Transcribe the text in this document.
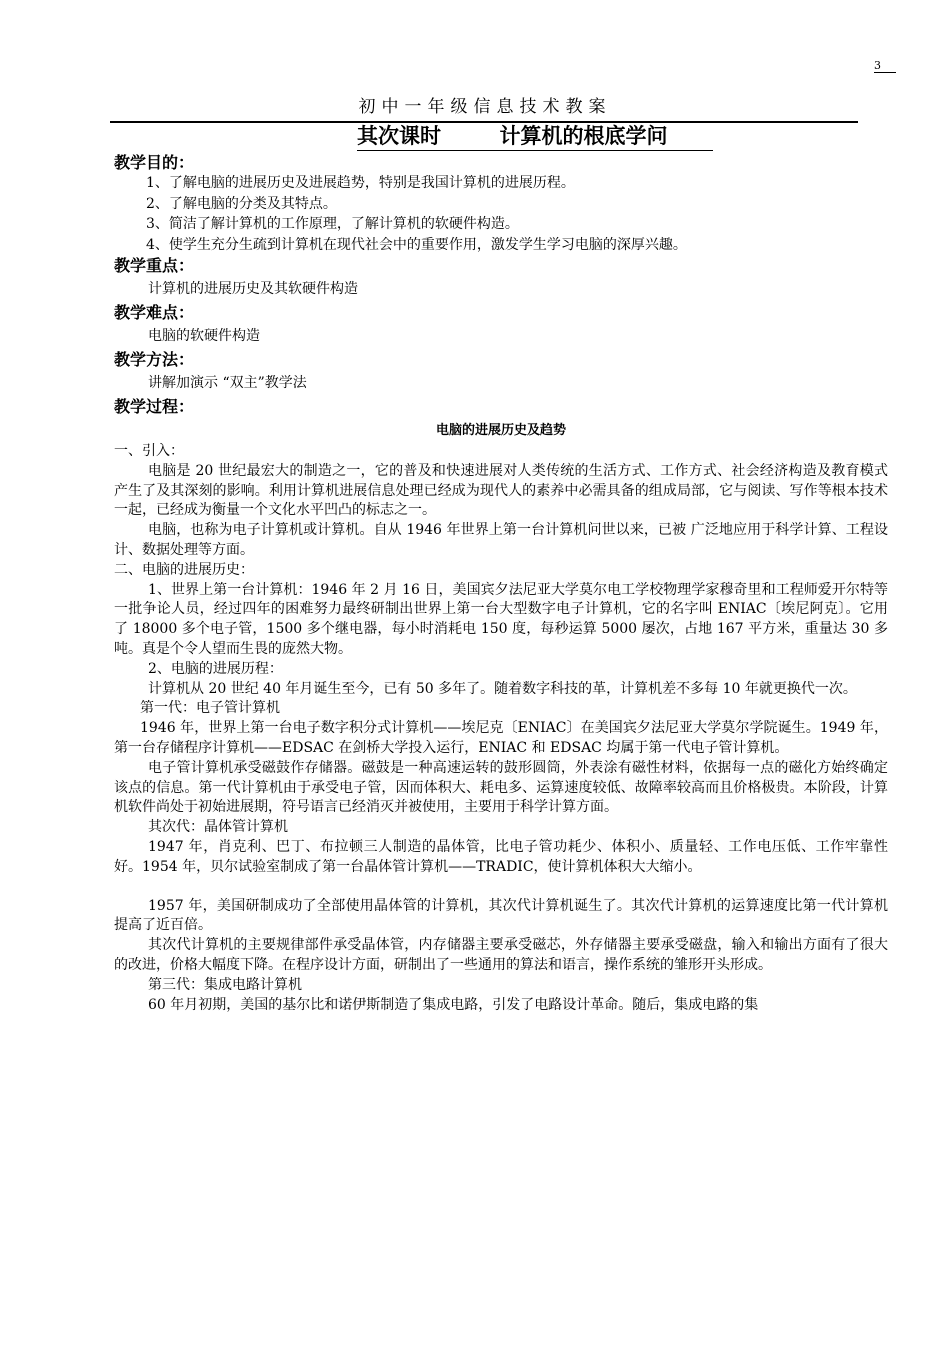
3
初中一年级信息技术教案
其次课时        计算机的根底学问

教学目的：

1、了解电脑的进展历史及进展趋势，特别是我国计算机的进展历程。

2、了解电脑的分类及其特点。

3、简洁了解计算机的工作原理，了解计算机的软硬件构造。

4、使学生充分生疏到计算机在现代社会中的重要作用，激发学生学习电脑的深厚兴趣。

教学重点：

计算机的进展历史及其软硬件构造

教学难点：

电脑的软硬件构造

教学方法：

讲解加演示 “双主”教学法

教学过程：

电脑的进展历史及趋势

一、引入：

电脑是 20 世纪最宏大的制造之一，它的普及和快速进展对人类传统的生活方式、工作方式、社会经济构造及教育模式产生了及其深刻的影响。利用计算机进展信息处理已经成为现代人的素养中必需具备的组成局部，它与阅读、写作等根本技术一起，已经成为衡量一个文化水平凹凸的标志之一。

电脑，也称为电子计算机或计算机。自从 1946 年世界上第一台计算机问世以来，已被 广泛地应用于科学计算、工程设计、数据处理等方面。

二、电脑的进展历史：

1、世界上第一台计算机：1946 年 2 月 16 日，美国宾夕法尼亚大学莫尔电工学校物理学家穆奇里和工程师爱开尔特等一批争论人员，经过四年的困难努力最终研制出世界上第一台大型数字电子计算机，它的名字叫 ENIAC〔埃尼阿克〕。它用了 18000 多个电子管，1500 多个继电器，每小时消耗电 150 度，每秒运算 5000 屡次，占地 167 平方米，重量达 30 多吨。真是个令人望而生畏的庞然大物。

2、电脑的进展历程：

计算机从 20 世纪 40 年月诞生至今，已有 50 多年了。随着数字科技的革，计算机差不多每 10 年就更换代一次。

第一代：电子管计算机

1946 年，世界上第一台电子数字积分式计算机——埃尼克〔ENIAC〕在美国宾夕法尼亚大学莫尔学院诞生。1949 年，第一台存储程序计算机——EDSAC 在剑桥大学投入运行，ENIAC 和 EDSAC 均属于第一代电子管计算机。

电子管计算机承受磁鼓作存储器。磁鼓是一种高速运转的鼓形圆筒，外表涂有磁性材料，依据每一点的磁化方始终确定该点的信息。第一代计算机由于承受电子管，因而体积大、耗电多、运算速度较低、故障率较高而且价格极贵。本阶段，计算机软件尚处于初始进展期，符号语言已经消灭并被使用，主要用于科学计算方面。

其次代：晶体管计算机

1947 年，肖克利、巴丁、布拉顿三人制造的晶体管，比电子管功耗少、体积小、质量轻、工作电压低、工作牢靠性好。1954 年，贝尔试验室制成了第一台晶体管计算机——TRADIC，使计算机体积大大缩小。

1957 年，美国研制成功了全部使用晶体管的计算机，其次代计算机诞生了。其次代计算机的运算速度比第一代计算机提高了近百倍。

其次代计算机的主要规律部件承受晶体管，内存储器主要承受磁芯，外存储器主要承受磁盘，输入和输出方面有了很大的改进，价格大幅度下降。在程序设计方面，研制出了一些通用的算法和语言，操作系统的雏形开头形成。

第三代：集成电路计算机

60 年月初期，美国的基尔比和诺伊斯制造了集成电路，引发了电路设计革命。随后，集成电路的集
